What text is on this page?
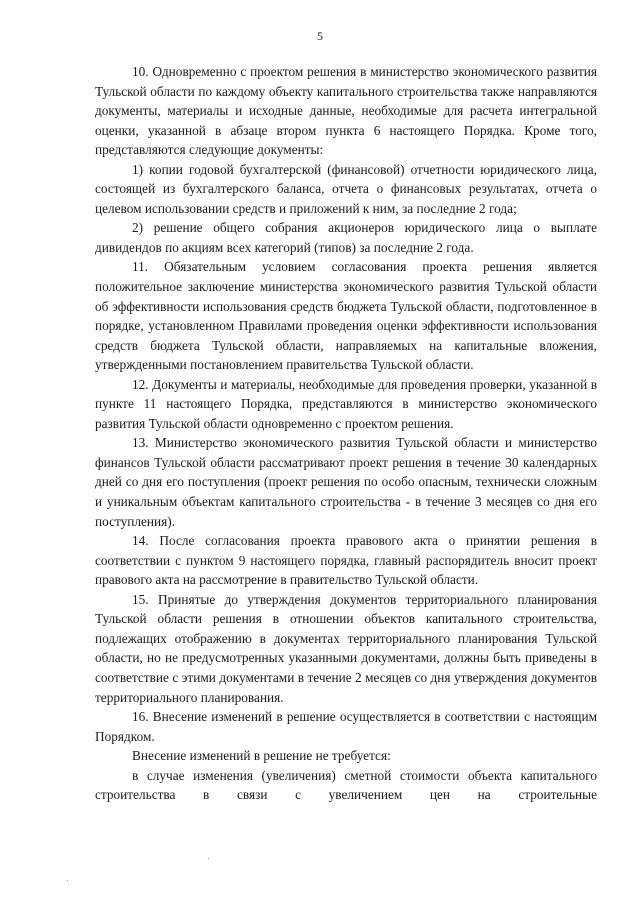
5

10. Одновременно с проектом решения в министерство экономического развития Тульской области по каждому объекту капитального строительства также направляются документы, материалы и исходные данные, необходимые для расчета интегральной оценки, указанной в абзаце втором пункта 6 настоящего Порядка. Кроме того, представляются следующие документы:

1) копии годовой бухгалтерской (финансовой) отчетности юридического лица, состоящей из бухгалтерского баланса, отчета о финансовых результатах, отчета о целевом использовании средств и приложений к ним, за последние 2 года;

2) решение общего собрания акционеров юридического лица о выплате дивидендов по акциям всех категорий (типов) за последние 2 года.

11. Обязательным условием согласования проекта решения является положительное заключение министерства экономического развития Тульской области об эффективности использования средств бюджета Тульской области, подготовленное в порядке, установленном Правилами проведения оценки эффективности использования средств бюджета Тульской области, направляемых на капитальные вложения, утвержденными постановлением правительства Тульской области.

12. Документы и материалы, необходимые для проведения проверки, указанной в пункте 11 настоящего Порядка, представляются в министерство экономического развития Тульской области одновременно с проектом решения.

13. Министерство экономического развития Тульской области и министерство финансов Тульской области рассматривают проект решения в течение 30 календарных дней со дня его поступления (проект решения по особо опасным, технически сложным и уникальным объектам капитального строительства - в течение 3 месяцев со дня его поступления).

14. После согласования проекта правового акта о принятии решения в соответствии с пунктом 9 настоящего порядка, главный распорядитель вносит проект правового акта на рассмотрение в правительство Тульской области.

15. Принятые до утверждения документов территориального планирования Тульской области решения в отношении объектов капитального строительства, подлежащих отображению в документах территориального планирования Тульской области, но не предусмотренных указанными документами, должны быть приведены в соответствие с этими документами в течение 2 месяцев со дня утверждения документов территориального планирования.

16. Внесение изменений в решение осуществляется в соответствии с настоящим Порядком.

Внесение изменений в решение не требуется:

в случае изменения (увеличения) сметной стоимости объекта капитального строительства в связи с увеличением цен на строительные
